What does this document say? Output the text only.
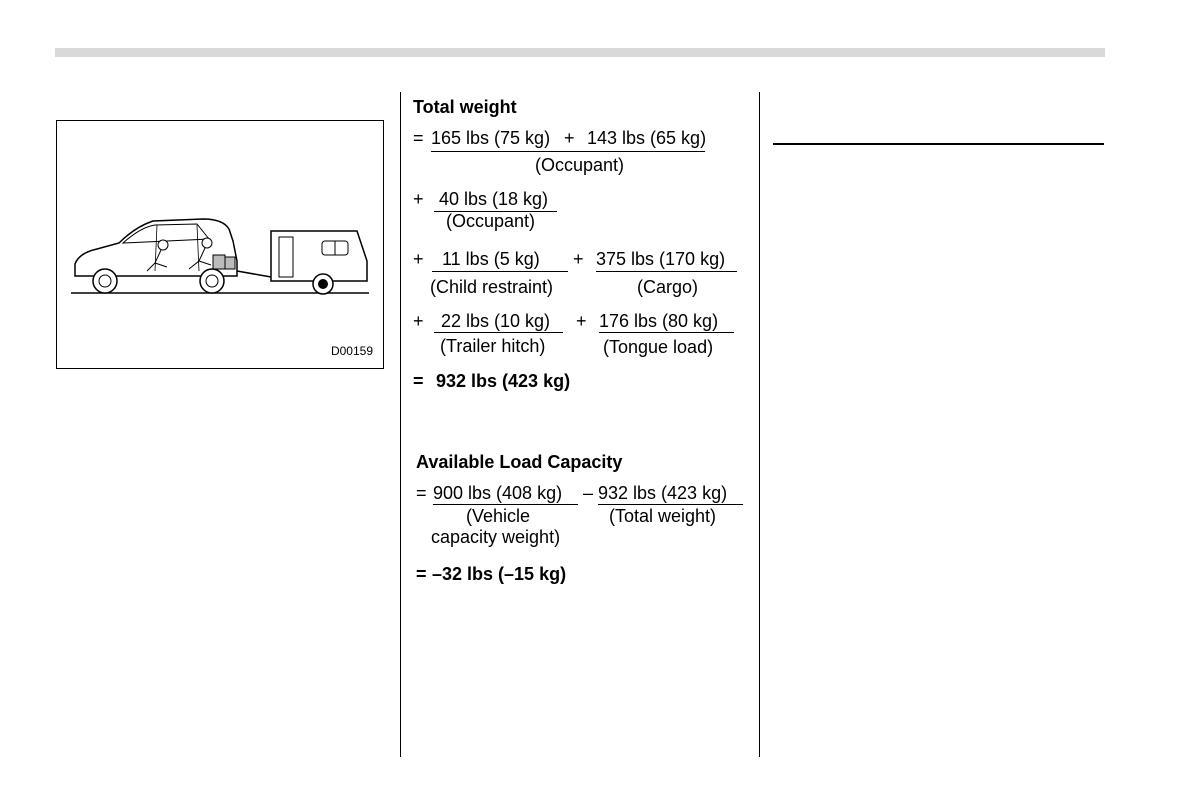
D00159
Total weight
= 165 lbs (75 kg) + 143 lbs (65 kg)
(Occupant)
+ 40 lbs (18 kg)
(Occupant)
+ 11 lbs (5 kg)
(Child restraint)
+ 375 lbs (170 kg)
(Cargo)
+ 22 lbs (10 kg)
(Trailer hitch)
+ 176 lbs (80 kg)
(Tongue load)
= 932 lbs (423 kg)
Available Load Capacity
= 900 lbs (408 kg) – 932 lbs (423 kg)
(Vehicle
capacity weight)
(Total weight)
= –32 lbs (–15 kg)
